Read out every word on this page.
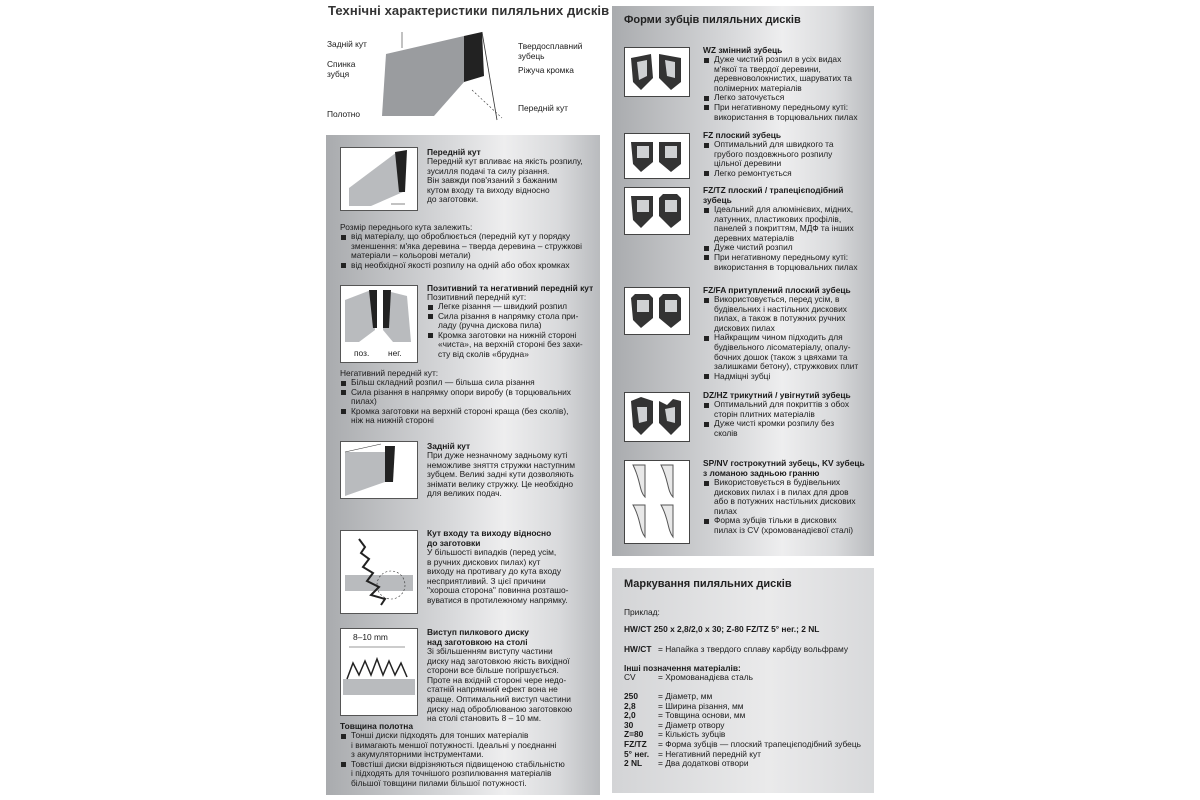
Технічні характеристики пиляльних дисків
Задній кут
Спинка
зубця
Полотно
Твердосплавний
зубець
Ріжуча кромка
Передній кут
Передній кут
Передній кут впливає на якість розпилу,
зусилля подачі та силу різання.
Він завжди пов'язаний з бажаним
кутом входу та виходу відносно
до заготовки.
Розмір переднього кута залежить:
від матеріалу, що оброблюється (передній кут у порядку
зменшення: м'яка деревина – тверда деревина – стружкові
матеріали – кольорові метали)
від необхідної якості розпилу на одній або обох кромках
поз. нег.
Позитивний та негативний передній кут
Позитивний передній кут:
Легке різання — швидкий розпил
Сила різання в напрямку стола при-
ладу (ручна дискова пила)
Кромка заготовки на нижній стороні
«чиста», на верхній стороні без захи-
сту від сколів «брудна»
Негативний передній кут:
Більш складний розпил — більша сила різання
Сила різання в напрямку опори виробу (в торцювальних
пилах)
Кромка заготовки на верхній стороні краща (без сколів),
ніж на нижній стороні
Задній кут
При дуже незначному задньому куті
неможливе зняття стружки наступним
зубцем. Великі задні кути дозволяють
знімати велику стружку. Це необхідно
для великих подач.
Кут входу та виходу відносно
до заготовки
У більшості випадків (перед усім,
в ручних дискових пилах) кут
виходу на противагу до кута входу
несприятливий. З цієї причини
"хороша сторона" повинна розташо-
вуватися в протилежному напрямку.
8–10 mm	Виступ пилкового диску
над заготовкою на столі
Зі збільшенням виступу частини
диску над заготовкою якість вихідної
сторони все більше погіршується.
Проте на вхідній стороні чере недо-
статній напрямний ефект вона не
краще. Оптимальний виступ частини
диску над оброблюваною заготовкою
на столі становить 8 – 10 мм.
Товщина полотна
Тонші диски підходять для тонших матеріалів
і вимагають меншої потужності. Ідеальні у поєднанні
з акумуляторними інструментами.
Товстіші диски відрізняються підвищеною стабільністю
і підходять для точнішого розпилювання матеріалів
більшої товщини пилами більшої потужності.
Форми зубців пиляльних дисків
WZ змінний зубець
Дуже чистий розпил в усіх видах
м'якої та твердої деревини,
деревноволокнистих, шаруватих та
полімерних матеріалів
Легко заточується
При негативному передньому куті:
використання в торцювальних пилах
FZ плоский зубець
Оптимальний для швидкого та
грубого поздовжнього розпилу
цільної деревини
Легко ремонтується
FZ/TZ плоский / трапецієподібний
зубець
Ідеальний для алюмінієвих, мідних,
латунних, пластикових профілів,
панелей з покриттям, МДФ та інших
деревних матеріалів
Дуже чистий розпил
При негативному передньому куті:
використання в торцювальних пилах
FZ/FA притуплений плоский зубець
Використовується, перед усім, в
будівельних і настільних дискових
пилах, а також в потужних ручних
дискових пилах
Найкращим чином підходить для
будівельного лісоматеріалу, опалу-
бочних дошок (також з цвяхами та
залишками бетону), стружкових плит
Надміцні зубці
DZ/HZ трикутний / увігнутий зубець
Оптимальний для покриттів з обох
сторін плитних матеріалів
Дуже чисті кромки розпилу без
сколів
SP/NV гострокутний зубець, KV зубець
з ломаною задньою гранню
Використовується в будівельних
дискових пилах і в пилах для дров
або в потужних настільних дискових
пилах
Форма зубців тільки в дискових
пилах із CV (хромованадієвої сталі)
Маркування пиляльних дисків
Приклад:
HW/CT 250 x 2,8/2,0 x 30; Z-80 FZ/TZ 5° нег.; 2 NL
HW/CT = Напайка з твердого сплаву карбіду вольфраму
Інші позначення матеріалів:
CV	= Хромованадієва сталь
250 = Діаметр, мм
2,8	= Ширина різання, мм
2,0	= Товщина основи, мм
30	= Діаметр отвору
Z=80 = Кількість зубців
FZ/TZ = Форма зубців — плоский трапецієподібний зубець
5° нег. = Негативний передній кут
2 NL = Два додаткові отвори
